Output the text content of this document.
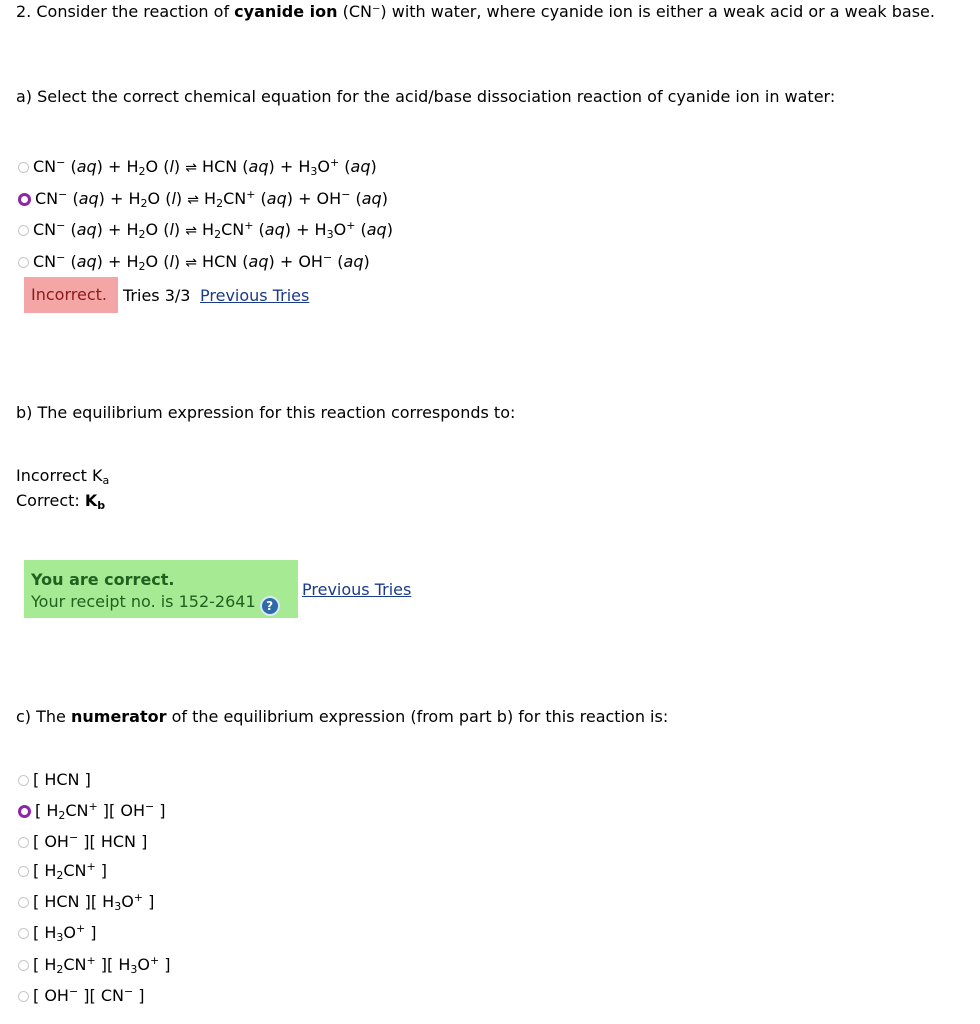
2. Consider the reaction of cyanide ion (CN⁻) with water, where cyanide ion is either a weak acid or a weak base.
a) Select the correct chemical equation for the acid/base dissociation reaction of cyanide ion in water:
CN− $(aq) + H_2O$ (l) ⇌ HCN $(aq) + H_3O^+$ (aq)
CN− $(aq) + H_2O$ (l) ⇌ $H_2CN^+$ (aq) + OH− (aq)
CN− $(aq) + H_2O$ (l) ⇌ $H_2CN^+$ $(aq) + H_3O^+$ (aq)
CN− $(aq) + H_2O$ (l) ⇌ HCN (aq) + OH− (aq)
Incorrect.	Tries 3/3 Previous Tries
b) The equilibrium expression for this reaction corresponds to:
Incorrect $K_a$
Correct: $K_b$
You are correct.
Your receipt no. is 152-2641 ?
Previous Tries
c) The numerator of the equilibrium expression (from part b) for this reaction is:
[ HCN ]
[ $H_2CN^+$ ][ OH− ]
[ OH− ][ HCN ]
[ $H_2CN^+$ ]
[ HCN ][ $H_3O^+$ ]
[ $H_3O^+$ ]
[ $H_2CN^+$ ][ $H_3O^+$ ]
[ OH− ][ CN− ]
